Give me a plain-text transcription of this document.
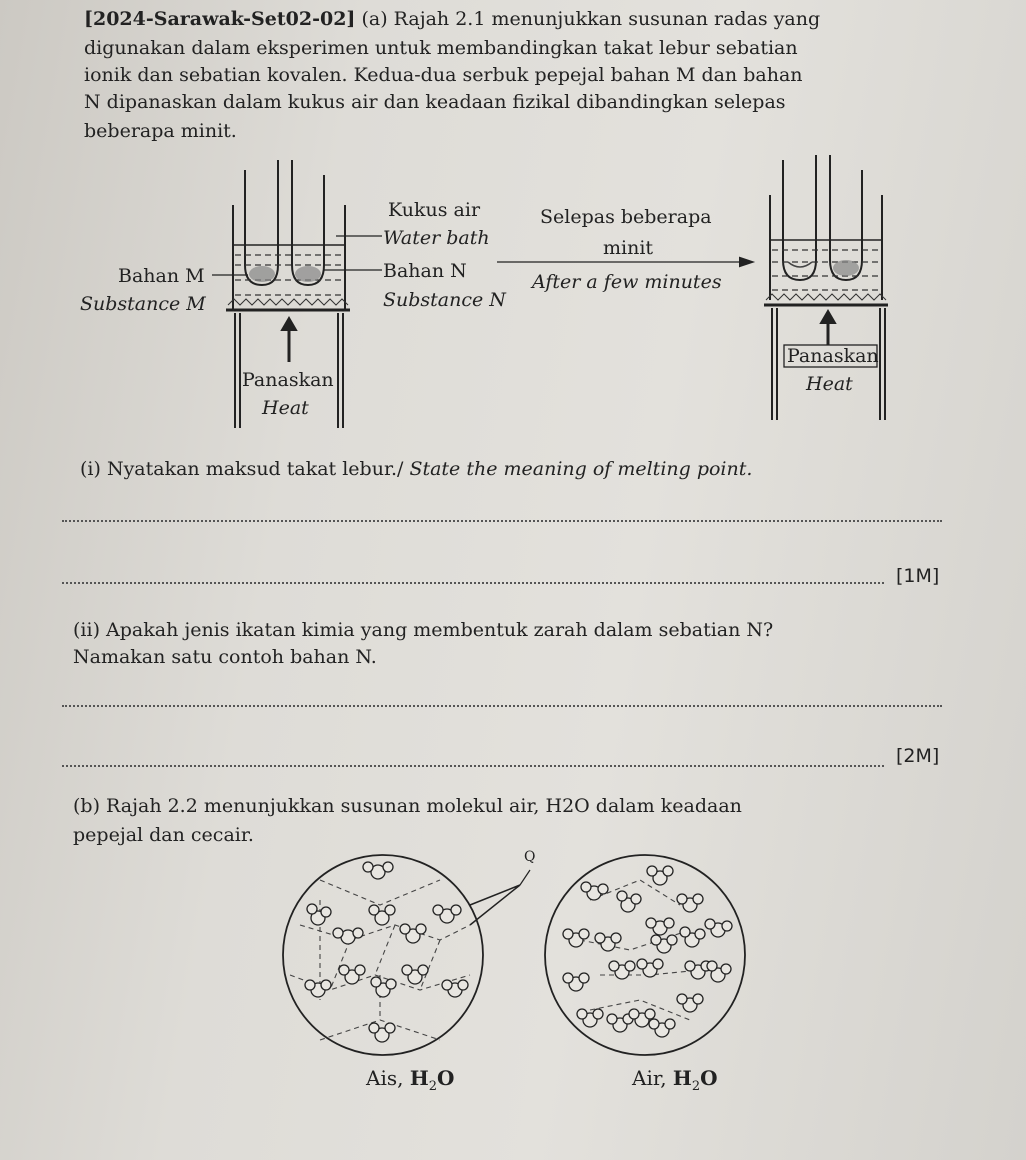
[2024-Sarawak-Set02-02] (a) Rajah 2.1 menunjukkan susunan radas yang
digunakan dalam eksperimen untuk membandingkan takat lebur sebatian
ionik dan sebatian kovalen. Kedua-dua serbuk pepejal bahan M dan bahan
N dipanaskan dalam kukus air dan keadaan fizikal dibandingkan selepas
beberapa minit.
Kukus air
Water bath
Bahan M
Substance M
Bahan N
Substance N
Panaskan
Heat
Selepas beberapa
minit
After a few minutes
Panaskan
Heat
(i) Nyatakan maksud takat lebur./ State the meaning of melting point.
[1M]
(ii) Apakah jenis ikatan kimia yang membentuk zarah dalam sebatian N?
Namakan satu contoh bahan N.
[2M]
(b) Rajah 2.2 menunjukkan susunan molekul air, H2O dalam keadaan
pepejal dan cecair.
Q
Ais, $H_2O$	Air, $H_2O$
